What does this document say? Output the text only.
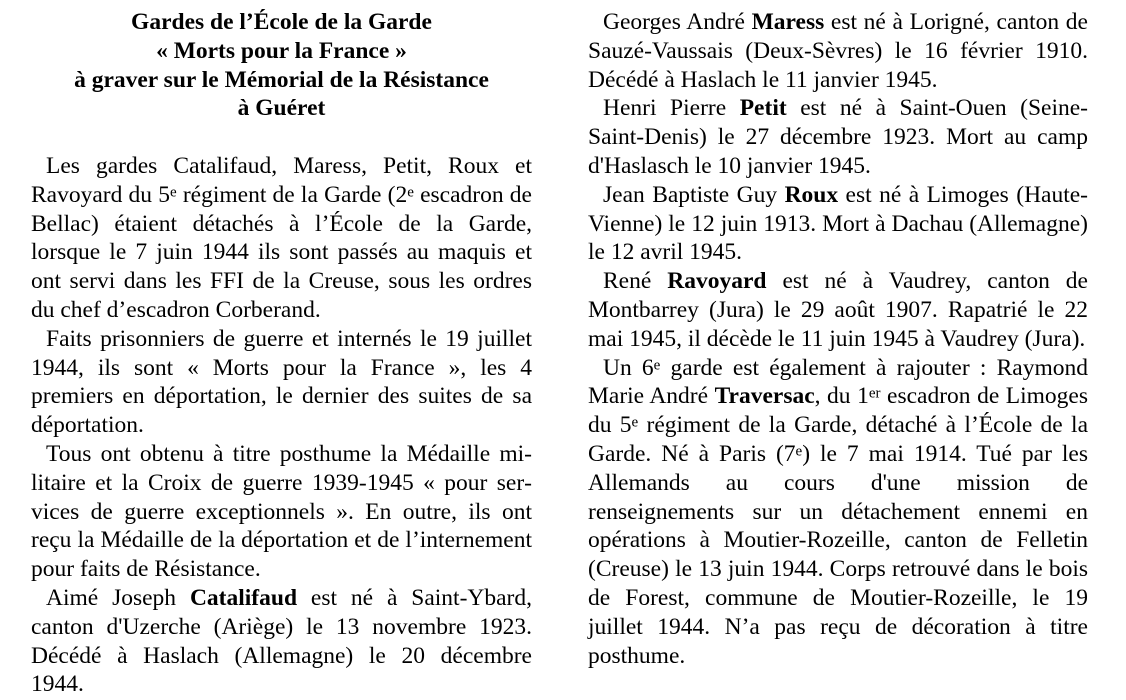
Gardes de l’École de la Garde
« Morts pour la France »
à graver sur le Mémorial de la Résistance
à Guéret

Les gardes Catalifaud, Maress, Petit, Roux et Ravoyard du 5e régiment de la Garde (2e escadron de Bellac) étaient détachés à l’École de la Garde, lorsque le 7 juin 1944 ils sont passés au maquis et ont servi dans les FFI de la Creuse, sous les ordres du chef d’escadron Corberand.

Faits prisonniers de guerre et internés le 19 juillet 1944, ils sont « Morts pour la France », les 4 premiers en déportation, le dernier des suites de sa déportation.

Tous ont obtenu à titre posthume la Médaille militaire et la Croix de guerre 1939-1945 « pour services de guerre exceptionnels ». En outre, ils ont reçu la Médaille de la déportation et de l’internement pour faits de Résistance.

Aimé Joseph Catalifaud est né à Saint-Ybard, canton d'Uzerche (Ariège) le 13 novembre 1923. Décédé à Haslach (Allemagne) le 20 décembre 1944.

Georges André Maress est né à Lorigné, canton de Sauzé-Vaussais (Deux-Sèvres) le 16 février 1910. Décédé à Haslach le 11 janvier 1945.

Henri Pierre Petit est né à Saint-Ouen (Seine-Saint-Denis) le 27 décembre 1923. Mort au camp d'Haslasch le 10 janvier 1945.

Jean Baptiste Guy Roux est né à Limoges (Haute-Vienne) le 12 juin 1913. Mort à Dachau (Allemagne) le 12 avril 1945.

René Ravoyard est né à Vaudrey, canton de Montbarrey (Jura) le 29 août 1907. Rapatrié le 22 mai 1945, il décède le 11 juin 1945 à Vaudrey (Jura).

Un 6e garde est également à rajouter : Raymond Marie André Traversac, du 1er escadron de Limoges du 5e régiment de la Garde, détaché à l’École de la Garde. Né à Paris (7e) le 7 mai 1914. Tué par les Allemands au cours d'une mission de renseignements sur un détachement ennemi en opérations à Moutier-Rozeille, canton de Felletin (Creuse) le 13 juin 1944. Corps retrouvé dans le bois de Forest, commune de Moutier-Rozeille, le 19 juillet 1944. N’a pas reçu de décoration à titre posthume.
